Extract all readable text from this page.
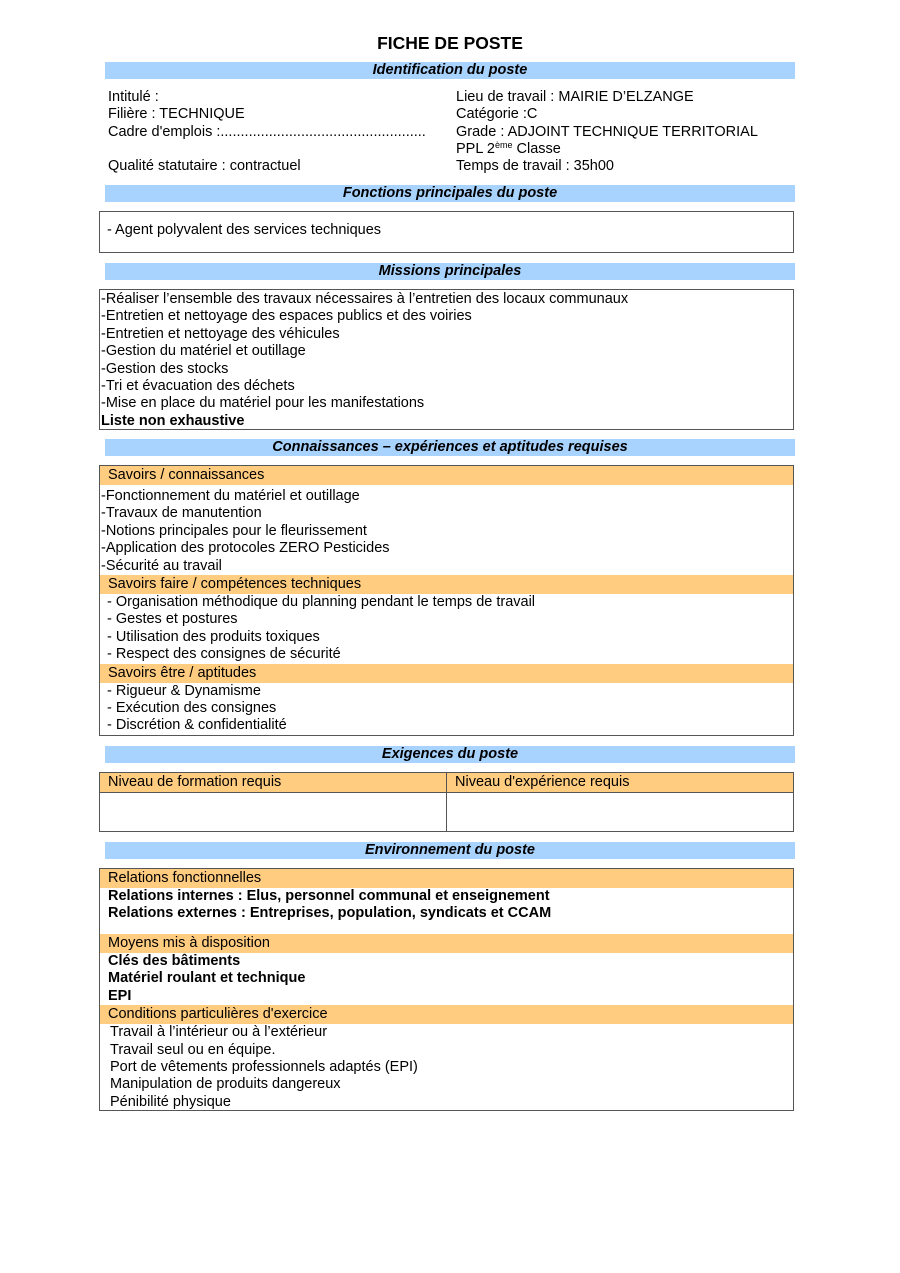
FICHE DE POSTE
Identification du poste
Intitulé :
Filière : TECHNIQUE
Cadre d'emplois :...................................................
Qualité statutaire : contractuel
Lieu de travail : MAIRIE D’ELZANGE
Catégorie :C
Grade : ADJOINT TECHNIQUE TERRITORIAL
PPL 2ème Classe
Temps de travail : 35h00
Fonctions principales du poste
- Agent polyvalent des services techniques
Missions principales
-Réaliser l’ensemble des travaux nécessaires à l’entretien des locaux communaux
-Entretien et nettoyage des espaces publics et des voiries
-Entretien et nettoyage des véhicules
-Gestion du matériel et outillage
-Gestion des stocks
-Tri et évacuation des déchets
-Mise en place du matériel pour les manifestations
Liste non exhaustive
Connaissances – expériences et aptitudes requises
Savoirs / connaissances
-Fonctionnement du matériel et outillage
-Travaux de manutention
-Notions principales pour le fleurissement
-Application des protocoles ZERO Pesticides
-Sécurité au travail
Savoirs faire / compétences techniques
- Organisation méthodique du planning pendant le temps de travail
- Gestes et postures
- Utilisation des produits toxiques
- Respect des consignes de sécurité
Savoirs être / aptitudes
- Rigueur & Dynamisme
- Exécution des consignes
- Discrétion & confidentialité
Exigences du poste
Niveau de formation requis	Niveau d'expérience requis
Environnement du poste
Relations fonctionnelles
Relations internes : Elus, personnel communal et enseignement
Relations externes : Entreprises, population, syndicats et CCAM
Moyens mis à disposition
Clés des bâtiments
Matériel roulant et technique
EPI
Conditions particulières d'exercice
Travail à l’intérieur ou à l’extérieur
Travail seul ou en équipe.
Port de vêtements professionnels adaptés (EPI)
Manipulation de produits dangereux
Pénibilité physique
